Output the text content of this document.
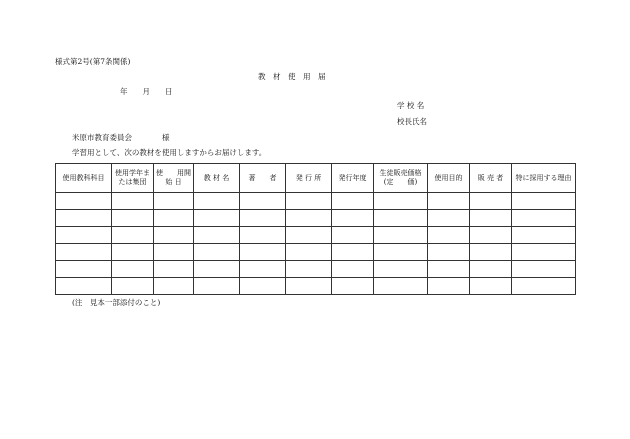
様式第2号(第7条関係)
教　材　使　用　届
年　　月　　日
学 校 名
校長氏名
米原市教育委員会　　　　様
学習用として、次の教材を使用しますからお届けします。
使用教科科目	使用学年または集団	使　　用開 始 日	教 材 名	著　　者	発 行 所	発行年度	生徒販売価格(定　　価)	使用目的	販 売 者	特に採用する理由

(注　見本一部添付のこと)
